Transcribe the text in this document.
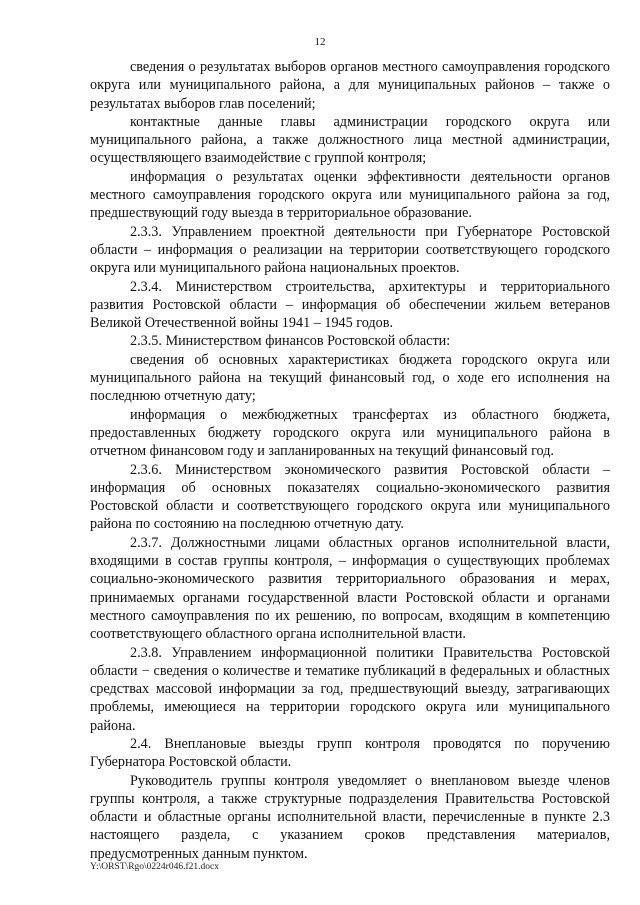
12

сведения о результатах выборов органов местного самоуправления городского округа или муниципального района, а для муниципальных районов – также о результатах выборов глав поселений;

контактные данные главы администрации городского округа или муниципального района, а также должностного лица местной администрации, осуществляющего взаимодействие с группой контроля;

информация о результатах оценки эффективности деятельности органов местного самоуправления городского округа или муниципального района за год, предшествующий году выезда в территориальное образование.

2.3.3. Управлением проектной деятельности при Губернаторе Ростовской области – информация о реализации на территории соответствующего городского округа или муниципального района национальных проектов.

2.3.4. Министерством строительства, архитектуры и территориального развития Ростовской области – информация об обеспечении жильем ветеранов Великой Отечественной войны 1941 – 1945 годов.

2.3.5. Министерством финансов Ростовской области:

сведения об основных характеристиках бюджета городского округа или муниципального района на текущий финансовый год, о ходе его исполнения на последнюю отчетную дату;

информация о межбюджетных трансфертах из областного бюджета, предоставленных бюджету городского округа или муниципального района в отчетном финансовом году и запланированных на текущий финансовый год.

2.3.6. Министерством экономического развития Ростовской области – информация об основных показателях социально-экономического развития Ростовской области и соответствующего городского округа или муниципального района по состоянию на последнюю отчетную дату.

2.3.7. Должностными лицами областных органов исполнительной власти, входящими в состав группы контроля, – информация о существующих проблемах социально-экономического развития территориального образования и мерах, принимаемых органами государственной власти Ростовской области и органами местного самоуправления по их решению, по вопросам, входящим в компетенцию соответствующего областного органа исполнительной власти.

2.3.8. Управлением информационной политики Правительства Ростовской области − сведения о количестве и тематике публикаций в федеральных и областных средствах массовой информации за год, предшествующий выезду, затрагивающих проблемы, имеющиеся на территории городского округа или муниципального района.

2.4. Внеплановые выезды групп контроля проводятся по поручению Губернатора Ростовской области.

Руководитель группы контроля уведомляет о внеплановом выезде членов группы контроля, а также структурные подразделения Правительства Ростовской области и областные органы исполнительной власти, перечисленные в пункте 2.3 настоящего раздела, с указанием сроков представления материалов, предусмотренных данным пунктом.

Y:\ORST\Rgo\0224r046.f21.docx
